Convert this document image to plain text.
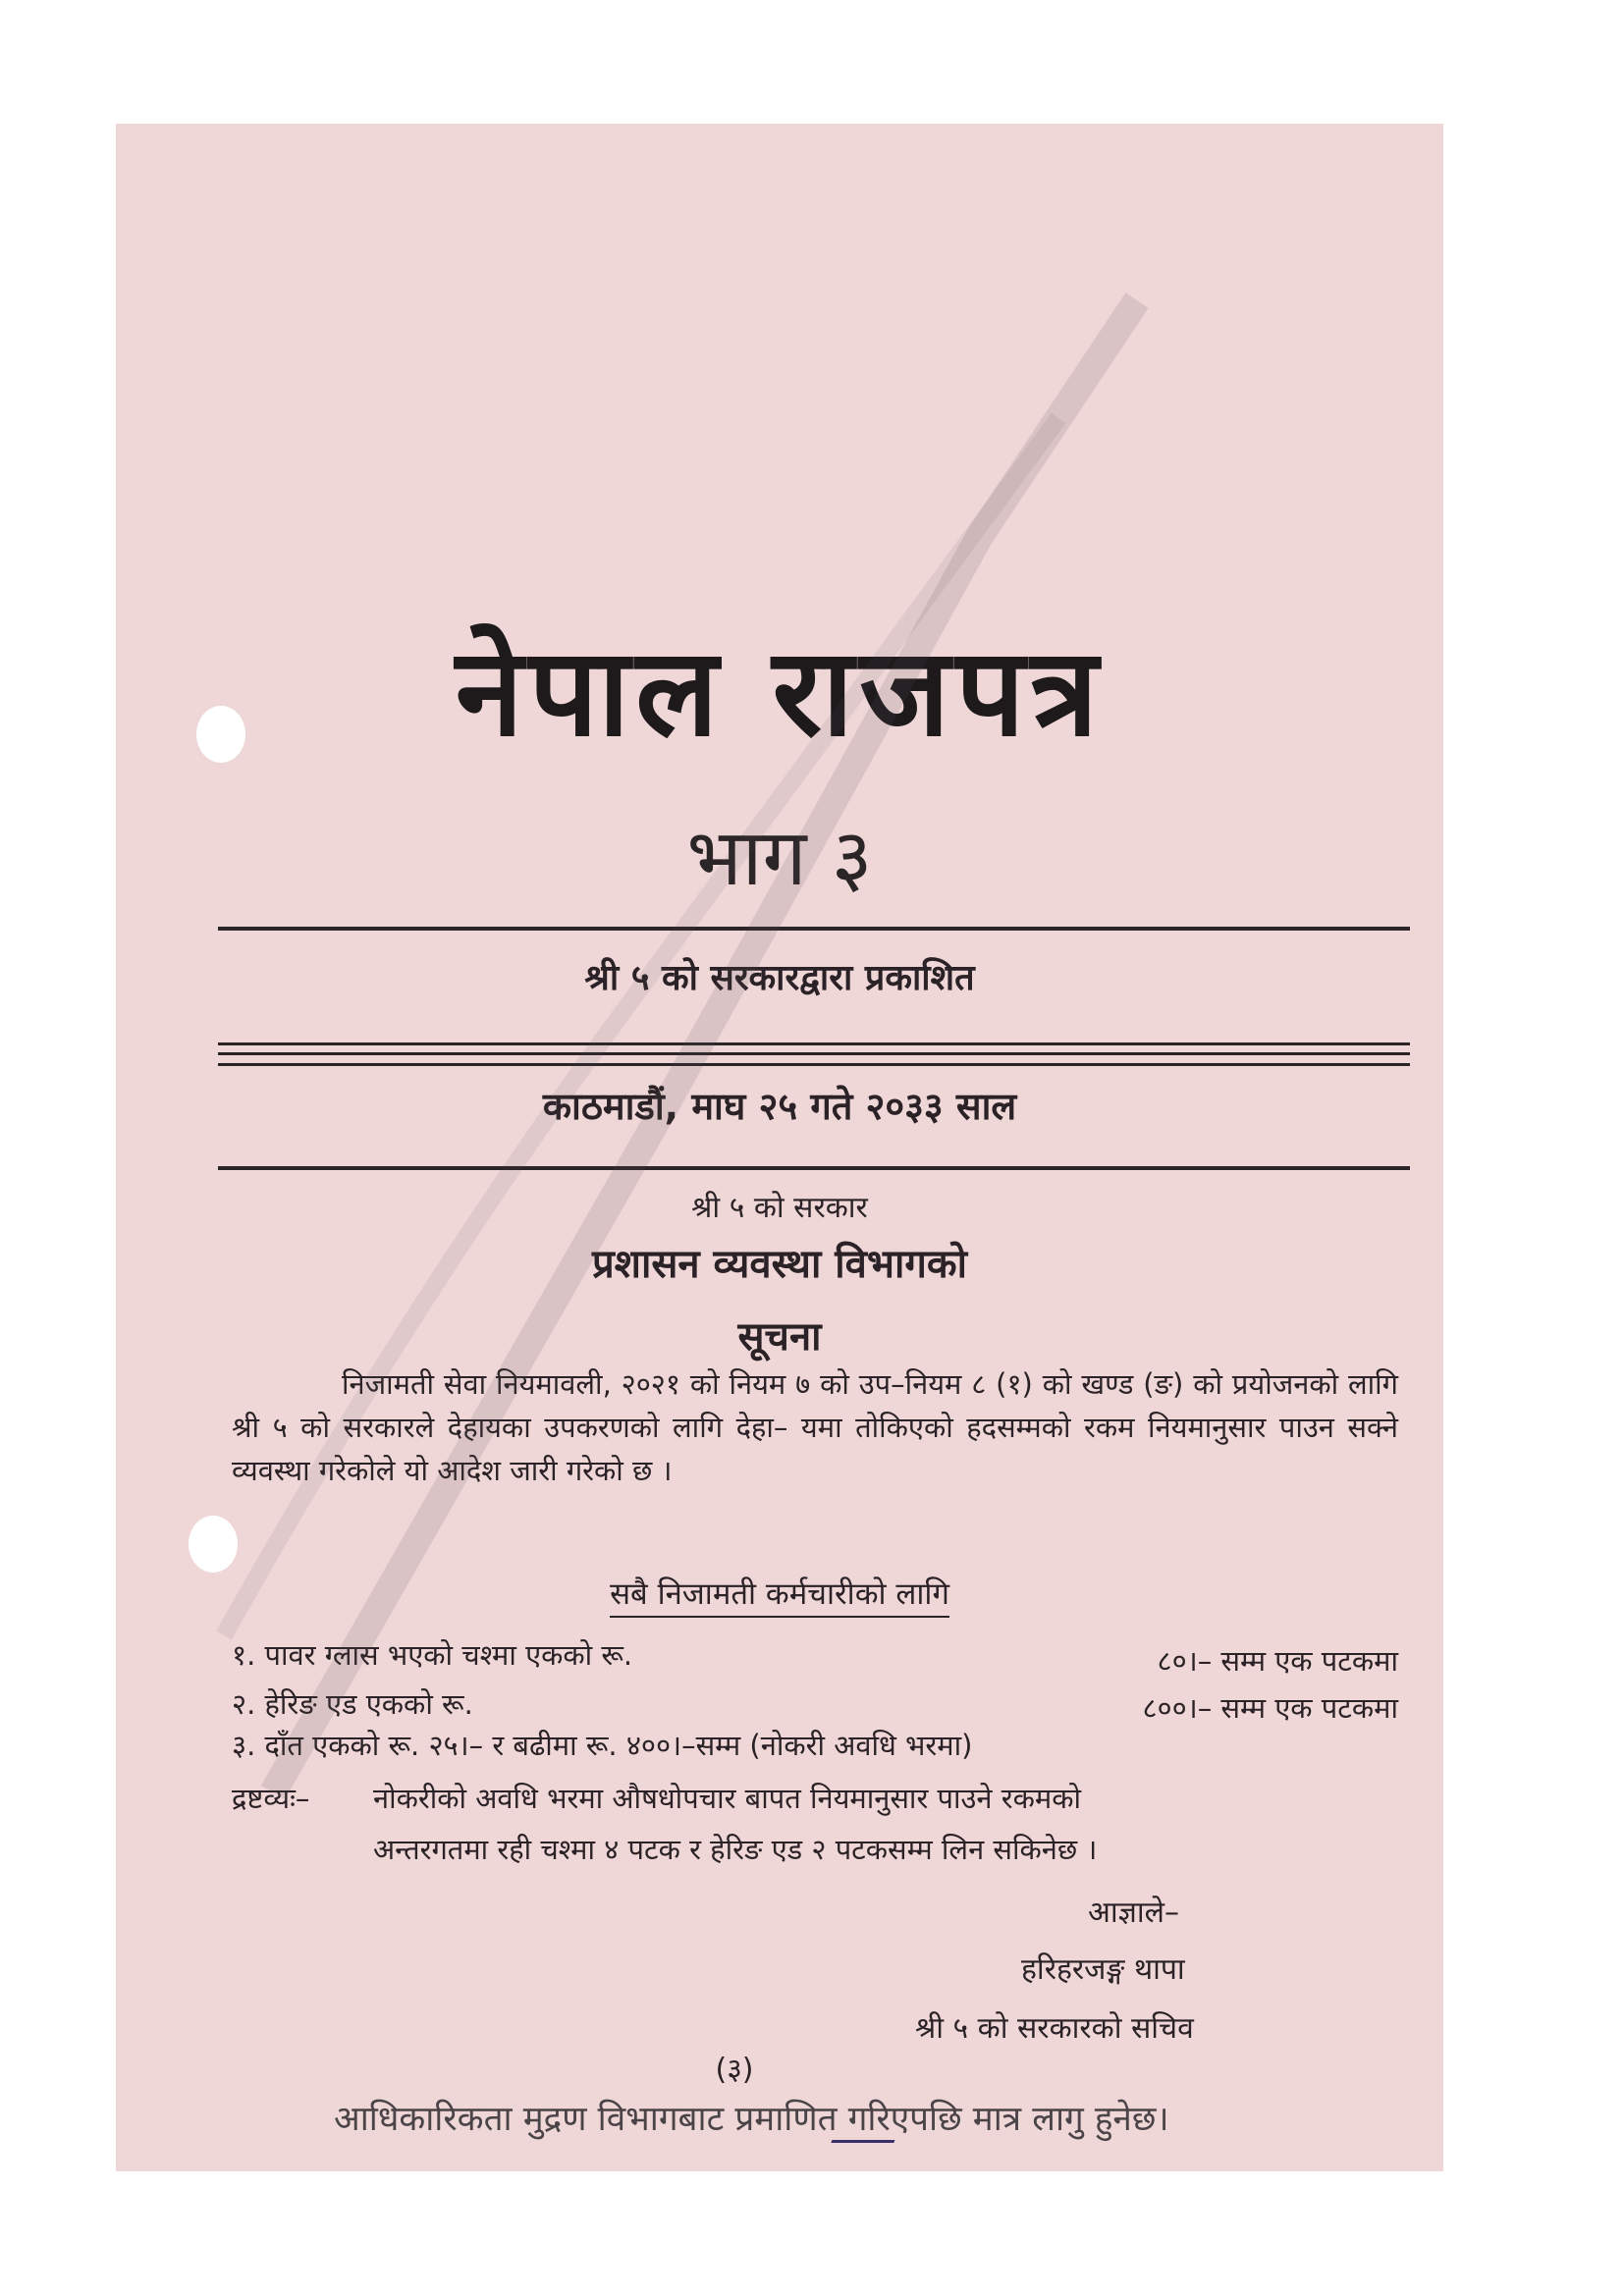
नेपाल राजपत्र
भाग ३
श्री ५ को सरकारद्वारा प्रकाशित
काठमाडौं, माघ २५ गते २०३३ साल
श्री ५ को सरकार
प्रशासन व्यवस्था विभागको
सूचना
निजामती सेवा नियमावली, २०२१ को नियम ७ को उप–नियम ८ (१) को खण्ड (ङ) को प्रयोजनको लागि श्री ५ को सरकारले देहायका उपकरणको लागि देहा– यमा तोकिएको हदसम्मको रकम नियमानुसार पाउन सक्ने व्यवस्था गरेकोले यो आदेश जारी गरेको छ ।
सबै निजामती कर्मचारीको लागि
१. पावर ग्लास भएको चश्मा एकको रू.	८०।– सम्म एक पटकमा
२. हेरिङ एड एकको रू.	८००।– सम्म एक पटकमा
३. दाँत एकको रू. २५।– र बढीमा रू. ४००।–सम्म (नोकरी अवधि भरमा)
द्रष्टव्यः– नोकरीको अवधि भरमा औषधोपचार बापत नियमानुसार पाउने रकमको
अन्तरगतमा रही चश्मा ४ पटक र हेरिङ एड २ पटकसम्म लिन सकिनेछ ।
आज्ञाले–
हरिहरजङ्ग थापा
श्री ५ को सरकारको सचिव
(३)
आधिकारिकता मुद्रण विभागबाट प्रमाणित गरिएपछि मात्र लागु हुनेछ।
